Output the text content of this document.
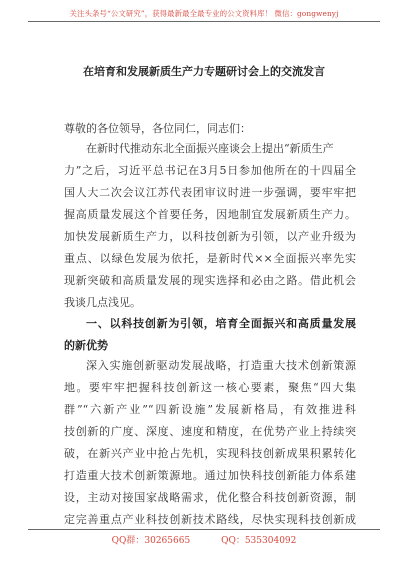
关注头条号“公文研究”，获得最新最全最专业的公文资料库！ 微信：gongwenyj
在培育和发展新质生产力专题研讨会上的交流发言
尊敬的各位领导，各位同仁，同志们：
在新时代推动东北全面振兴座谈会上提出“新质生产
力”之后，习近平总书记在3月5日参加他所在的十四届全
国人大二次会议江苏代表团审议时进一步强调，要牢牢把
握高质量发展这个首要任务，因地制宜发展新质生产力。
加快发展新质生产力，以科技创新为引领，以产业升级为
重点、以绿色发展为依托，是新时代××全面振兴率先实
现新突破和高质量发展的现实选择和必由之路。借此机会
我谈几点浅见。
一、以科技创新为引领，培育全面振兴和高质量发展
的新优势
深入实施创新驱动发展战略，打造重大技术创新策源
地。要牢牢把握科技创新这一核心要素，聚焦“四大集
群”“六新产业”“四新设施”发展新格局，有效推进科
技创新的广度、深度、速度和精度，在优势产业上持续突
破，在新兴产业中抢占先机，实现科技创新成果积累转化
打造重大技术创新策源地。通过加快科技创新能力体系建
设，主动对接国家战略需求，优化整合科技创新资源，制
定完善重点产业科技创新技术路线，尽快实现科技创新成
QQ群：30265665	QQ：535304092
